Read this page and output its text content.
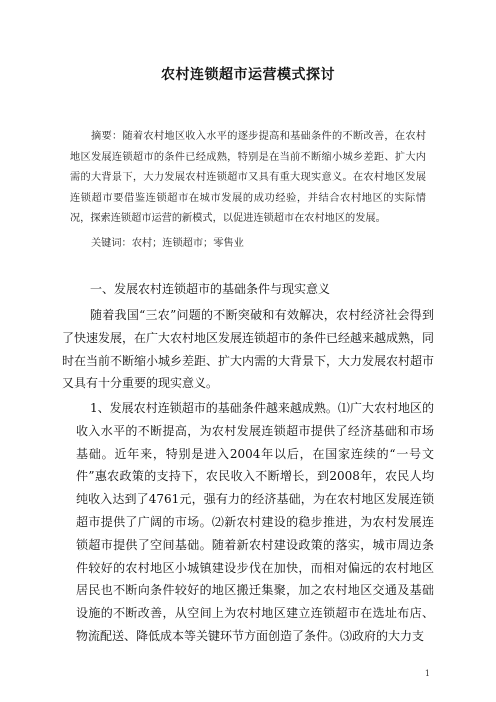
农村连锁超市运营模式探讨
摘要：随着农村地区收入水平的逐步提高和基础条件的不断改善，在农村地区发展连锁超市的条件已经成熟，特别是在当前不断缩小城乡差距、扩大内需的大背景下，大力发展农村连锁超市又具有重大现实意义。在农村地区发展连锁超市要借鉴连锁超市在城市发展的成功经验，并结合农村地区的实际情况，探索连锁超市运营的新模式，以促进连锁超市在农村地区的发展。
关键词：农村；连锁超市；零售业
一、发展农村连锁超市的基础条件与现实意义
随着我国“三农”问题的不断突破和有效解决，农村经济社会得到了快速发展，在广大农村地区发展连锁超市的条件已经越来越成熟，同时在当前不断缩小城乡差距、扩大内需的大背景下，大力发展农村超市又具有十分重要的现实意义。
1、发展农村连锁超市的基础条件越来越成熟。⑴广大农村地区的收入水平的不断提高，为农村发展连锁超市提供了经济基础和市场基础。近年来，特别是进入2004年以后，在国家连续的“一号文件”惠农政策的支持下，农民收入不断增长，到2008年，农民人均纯收入达到了4761元，强有力的经济基础，为在农村地区发展连锁超市提供了广阔的市场。⑵新农村建设的稳步推进，为农村发展连锁超市提供了空间基础。随着新农村建设政策的落实，城市周边条件较好的农村地区小城镇建设步伐在加快，而相对偏远的农村地区居民也不断向条件较好的地区搬迁集聚，加之农村地区交通及基础设施的不断改善，从空间上为农村地区建立连锁超市在选址布店、物流配送、降低成本等关键环节方面创造了条件。⑶政府的大力支
1
